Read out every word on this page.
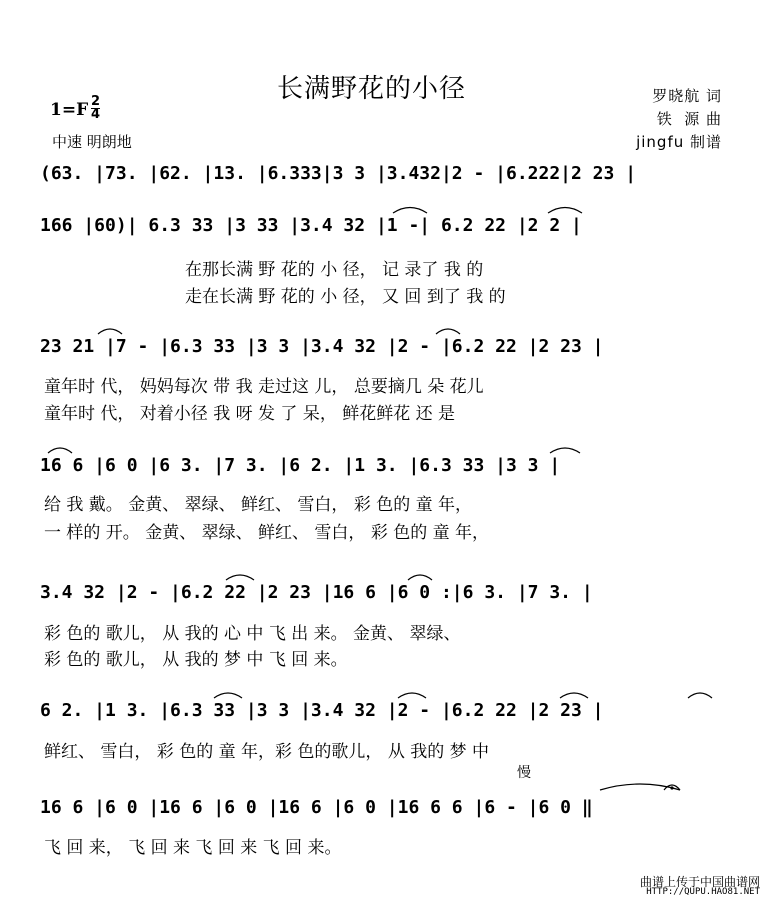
长满野花的小径	罗晓航 词
铁  源 曲
jingfu 制谱
1=F 2
4
中速 明朗地
(63. |73. |62. |13. |6.333|3 3 |3.432|2 - |6.222|2 23 |
166 |60)| 6.3 33 |3 33 |3.4 32 |1 -| 6.2 22 |2 2 |
在那长满 野 花的 小 径， 记 录了 我 的
走在长满 野 花的 小 径， 又 回 到了 我 的
23 21 |7 - |6.3 33 |3 3 |3.4 32 |2 - |6.2 22 |2 23 |
童年时 代， 妈妈每次 带 我 走过这 儿， 总要摘几 朵 花儿
童年时 代， 对着小径 我 呀 发 了 呆， 鲜花鲜花 还 是
16 6 |6 0 |6 3. |7 3. |6 2. |1 3. |6.3 33 |3 3 |
给 我 戴。 金黄、 翠绿、 鲜红、 雪白， 彩 色的 童 年，
一 样的 开。 金黄、 翠绿、 鲜红、 雪白， 彩 色的 童 年，
3.4 32 |2 - |6.2 22 |2 23 |16 6 |6 0 :|6 3. |7 3. |
彩 色的 歌儿， 从 我的 心 中 飞 出 来。 金黄、 翠绿、
彩 色的 歌儿， 从 我的 梦 中 飞 回 来。
6 2. |1 3. |6.3 33 |3 3 |3.4 32 |2 - |6.2 22 |2 23 |
鲜红、 雪白， 彩 色的 童 年，彩 色的歌儿， 从 我的 梦 中
慢
16 6 |6 0 |16 6 |6 0 |16 6 |6 0 |16 6 6 |6 - |6 0 ‖
飞 回 来， 飞 回 来 飞 回 来 飞 回 来。
曲谱上传于中国曲谱网
HTTP://QUPU.HAO81.NET
